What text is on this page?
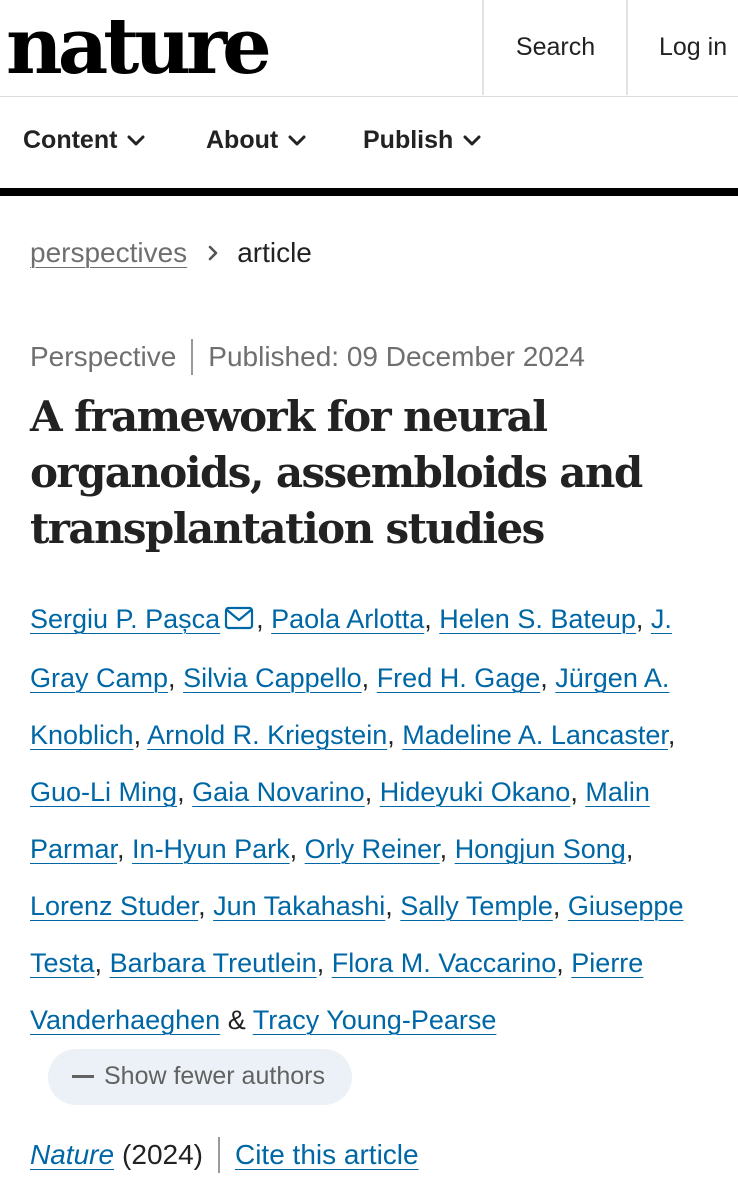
nature	Search	Log in
Content	About	Publish
perspectives article
Perspective Published: 09 December 2024
A framework for neural organoids, assembloids and transplantation studies
Sergiu P. Pașca , Paola Arlotta, Helen S. Bateup, J. Gray Camp, Silvia Cappello, Fred H. Gage, Jürgen A. Knoblich, Arnold R. Kriegstein, Madeline A. Lancaster, Guo-Li Ming, Gaia Novarino, Hideyuki Okano, Malin Parmar, In-Hyun Park, Orly Reiner, Hongjun Song, Lorenz Studer, Jun Takahashi, Sally Temple, Giuseppe Testa, Barbara Treutlein, Flora M. Vaccarino, Pierre Vanderhaeghen & Tracy Young-Pearse
Show fewer authors
Nature (2024) Cite this article
